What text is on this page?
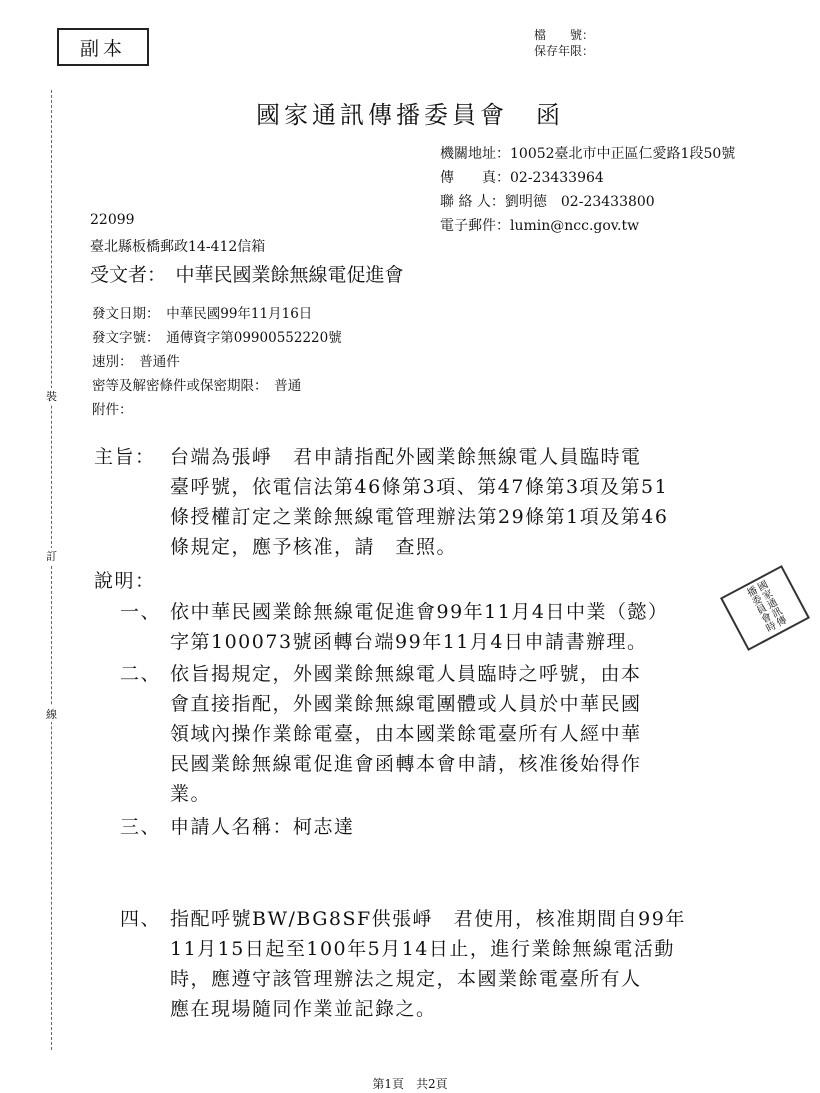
副本
檔　　號：
保存年限：
國家通訊傳播委員會 函
機關地址：10052臺北市中正區仁愛路1段50號
傳　　真：02-23433964
聯 絡 人：劉明德　02-23433800
電子郵件：lumin@ncc.gov.tw
22099
臺北縣板橋郵政14-412信箱
受文者：　中華民國業餘無線電促進會
發文日期：　中華民國99年11月16日
發文字號：　通傳資字第09900552220號
速別：　普通件
密等及解密條件或保密期限：　普通
附件：
主旨： 台端為張崢　君申請指配外國業餘無線電人員臨時電
臺呼號，依電信法第46條第3項、第47條第3項及第51
條授權訂定之業餘無線電管理辦法第29條第1項及第46
條規定，應予核准，請　查照。
說明：
一、 依中華民國業餘無線電促進會99年11月4日中業（懿）
字第100073號函轉台端99年11月4日申請書辦理。
二、 依旨揭規定，外國業餘無線電人員臨時之呼號，由本
會直接指配，外國業餘無線電團體或人員於中華民國
領域內操作業餘電臺，由本國業餘電臺所有人經中華
民國業餘無線電促進會函轉本會申請，核准後始得作
業。
三、 申請人名稱：柯志達
四、 指配呼號BW/BG8SF供張崢　君使用，核准期間自99年
11月15日起至100年5月14日止，進行業餘無線電活動
時，應遵守該管理辦法之規定，本國業餘電臺所有人
應在現場隨同作業並記錄之。
裝
訂
線
國家通訊傳播委員會時
第1頁　共2頁
